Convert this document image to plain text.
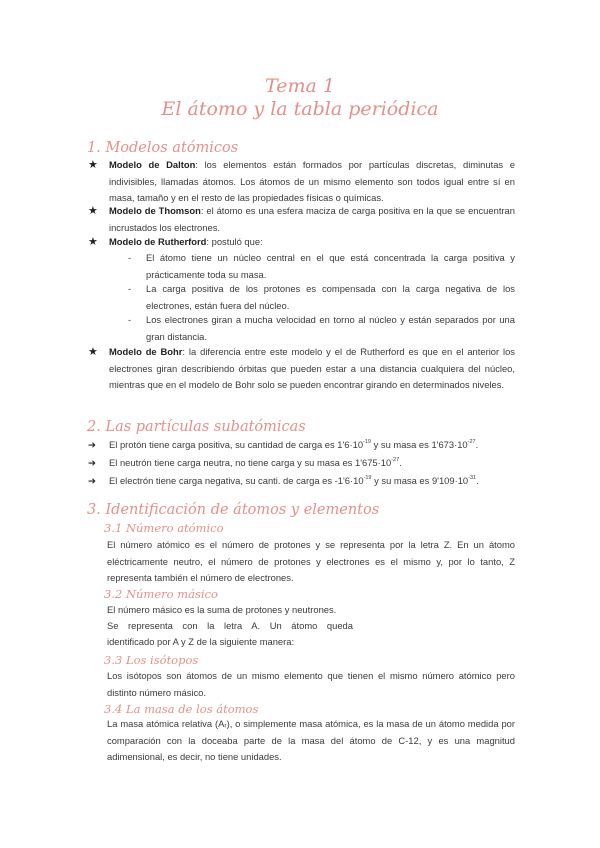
Tema 1
El átomo y la tabla periódica
1. Modelos atómicos
★ Modelo de Dalton: los elementos están formados por partículas discretas, diminutas e indivisibles, llamadas átomos. Los átomos de un mismo elemento son todos igual entre sí en masa, tamaño y en el resto de las propiedades físicas o químicas.
★ Modelo de Thomson: el átomo es una esfera maciza de carga positiva en la que se encuentran incrustados los electrones.
★ Modelo de Rutherford: postuló que:
- El átomo tiene un núcleo central en el que está concentrada la carga positiva y prácticamente toda su masa.
- La carga positiva de los protones es compensada con la carga negativa de los electrones, están fuera del núcleo.
- Los electrones giran a mucha velocidad en torno al núcleo y están separados por una gran distancia.
★ Modelo de Bohr: la diferencia entre este modelo y el de Rutherford es que en el anterior los electrones giran describiendo órbitas que pueden estar a una distancia cualquiera del núcleo, mientras que en el modelo de Bohr solo se pueden encontrar girando en determinados niveles.
2. Las partículas subatómicas
➔ El protón tiene carga positiva, su cantidad de carga es $1'6\cdot 10^{-19}$ y su masa es $1'673\cdot 10^{-27}$.
➔ El neutrón tiene carga neutra, no tiene carga y su masa es $1'675\cdot 10^{-27}$.
➔ El electrón tiene carga negativa, su canti. de carga es $-1'6\cdot 10^{-19}$ y su masa es $9'109\cdot 10^{-31}$.
3. Identificación de átomos y elementos
3.1 Número atómico
El número atómico es el número de protones y se representa por la letra Z. En un átomo eléctricamente neutro, el número de protones y electrones es el mismo y, por lo tanto, Z representa también el número de electrones.
3.2 Número másico
El número másico es la suma de protones y neutrones.
Se representa con la letra A. Un átomo queda
identificado por A y Z de la siguiente manera:
3.3 Los isótopos
Los isótopos son átomos de un mismo elemento que tienen el mismo número atómico pero distinto número másico.
3.4 La masa de los átomos
La masa atómica relativa (Aᵣ), o simplemente masa atómica, es la masa de un átomo medida por comparación con la doceaba parte de la masa del átomo de C-12, y es una magnitud adimensional, es decir, no tiene unidades.
